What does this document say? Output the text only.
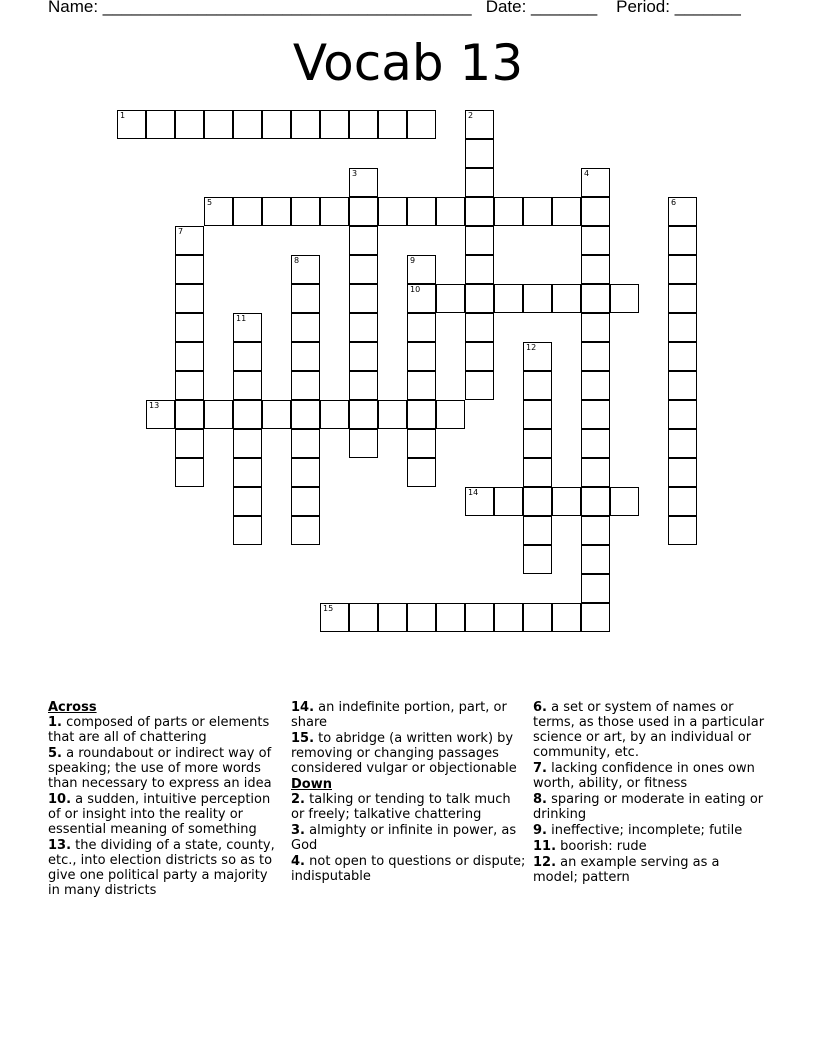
Name: _______________________________________   Date: _______    Period: _______
Vocab 13
1
5
10
13
14
15
2
3	4
6
7
8	9
11
12
Across
1. composed of parts or elements that are all of chattering
5. a roundabout or indirect way of speaking; the use of more words than necessary to express an idea
10. a sudden, intuitive perception of or insight into the reality or essential meaning of something
13. the dividing of a state, county, etc., into election districts so as to give one political party a majority in many districts
14. an indefinite portion, part, or share
15. to abridge (a written work) by removing or changing passages considered vulgar or objectionable
Down
2. talking or tending to talk much or freely; talkative chattering
3. almighty or infinite in power, as God
4. not open to questions or dispute; indisputable
6. a set or system of names or terms, as those used in a particular science or art, by an individual or community, etc.
7. lacking confidence in ones own worth, ability, or fitness
8. sparing or moderate in eating or drinking
9. ineffective; incomplete; futile
11. boorish: rude
12. an example serving as a model; pattern
